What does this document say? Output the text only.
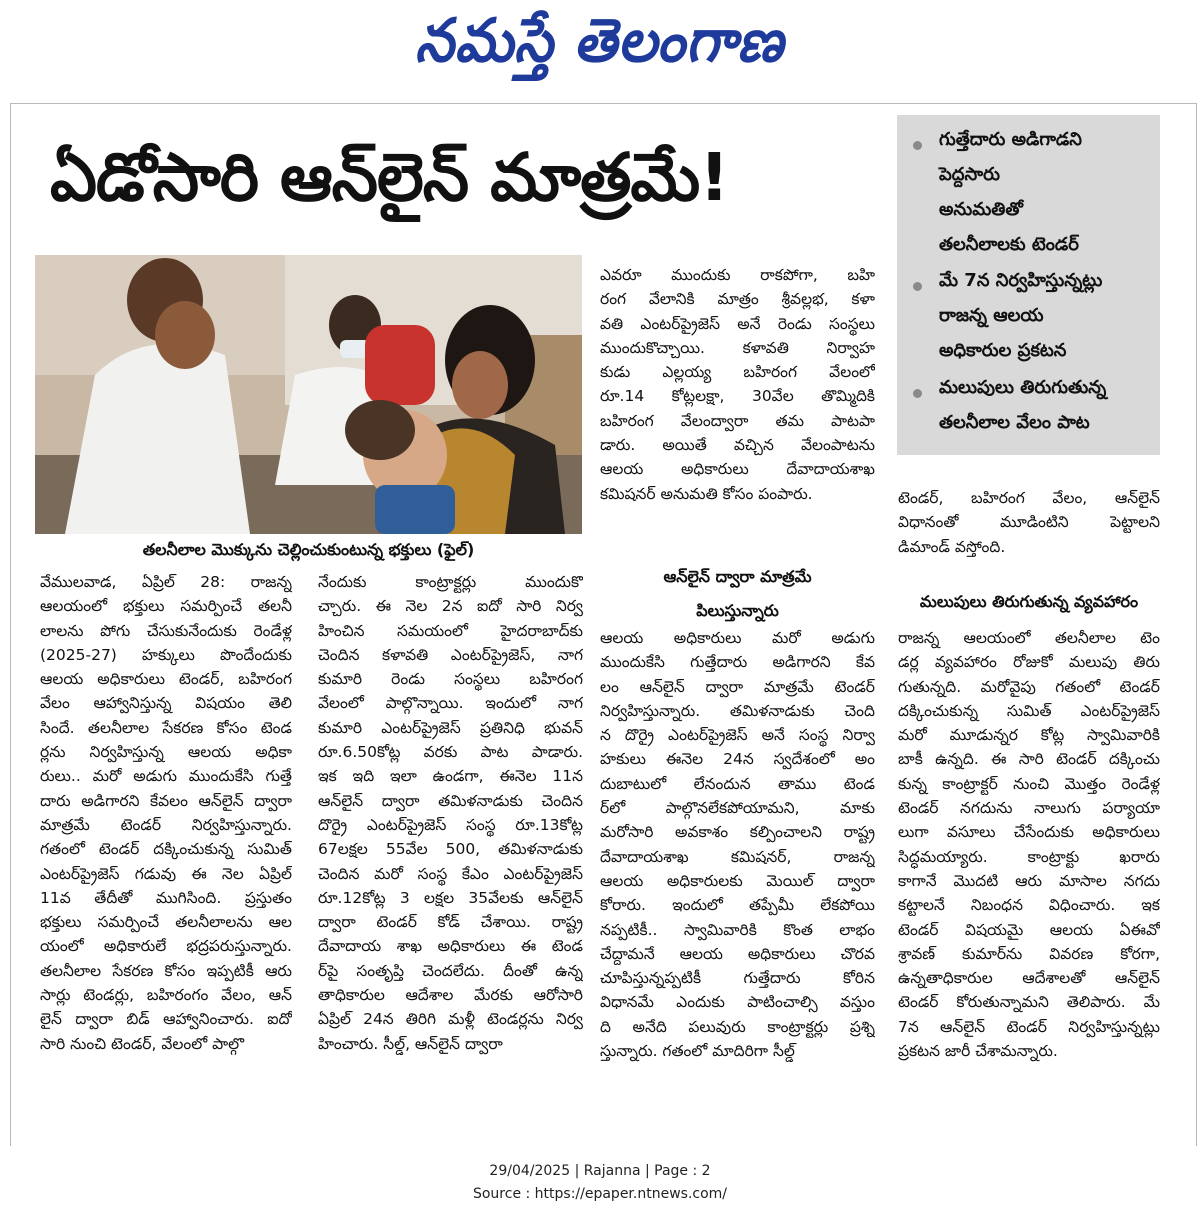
నమస్తే తెలంగాణ
ఏడోసారి ఆన్‌లైన్ మాత్రమే!	గుత్తేదారు అడిగాడని
పెద్దసారు
అనుమతితో
తలనీలాలకు టెండర్
మే 7న నిర్వహిస్తున్నట్లు
రాజన్న ఆలయ
అధికారుల ప్రకటన
మలుపులు తిరుగుతున్న
తలనీలాల వేలం పాట
తలనీలాల మొక్కును చెల్లించుకుంటున్న భక్తులు (ఫైల్)
వేములవాడ, ఏప్రిల్ 28: రాజన్న
ఆలయంలో భక్తులు సమర్పించే తలనీ
లాలను పోగు చేసుకునేందుకు రెండేళ్ల
(2025-27) హక్కులు పొందేందుకు
ఆలయ అధికారులు టెండర్, బహిరంగ
వేలం ఆహ్వానిస్తున్న విషయం తెలి
సిందే. తలనీలాల సేకరణ కోసం టెండ
ర్లను నిర్వహిస్తున్న ఆలయ అధికా
రులు.. మరో అడుగు ముందుకేసి గుత్తే
దారు అడిగారని కేవలం ఆన్‌లైన్ ద్వారా
మాత్రమే టెండర్ నిర్వహిస్తున్నారు.
గతంలో టెండర్ దక్కించుకున్న సుమిత్
ఎంటర్‌ప్రైజెస్ గడువు ఈ నెల ఏప్రిల్
11వ తేదీతో ముగిసింది. ప్రస్తుతం
భక్తులు సమర్పించే తలనీలాలను ఆల
యంలో అధికారులే భద్రపరుస్తున్నారు.
తలనీలాల సేకరణ కోసం ఇప్పటికీ ఆరు
సార్లు టెండర్లు, బహిరంగం వేలం, ఆన్
లైన్ ద్వారా బిడ్ ఆహ్వానించారు. ఐదో
సారి నుంచి టెండర్, వేలంలో పాల్గొ
నేందుకు కాంట్రాక్టర్లు ముందుకొ
చ్చారు. ఈ నెల 2న ఐదో సారి నిర్వ
హించిన సమయంలో హైదరాబాద్‌కు
చెందిన కళావతి ఎంటర్‌ప్రైజెస్, నాగ
కుమారి రెండు సంస్థలు బహిరంగ
వేలంలో పాల్గొన్నాయి. ఇందులో నాగ
కుమారి ఎంటర్‌ప్రైజెస్ ప్రతినిధి భువన్
రూ.6.50కోట్ల వరకు పాట పాడారు.
ఇక ఇది ఇలా ఉండగా, ఈనెల 11న
ఆన్‌లైన్ ద్వారా తమిళనాడుకు చెందిన
దొర్రై ఎంటర్‌ప్రైజెస్ సంస్థ రూ.13కోట్ల
67లక్షల 55వేల 500, తమిళనాడుకు
చెందిన మరో సంస్థ కేఎం ఎంటర్‌ప్రైజెస్
రూ.12కోట్ల 3 లక్షల 35వేలకు ఆన్‌లైన్
ద్వారా టెండర్ కోడ్ చేశాయి. రాష్ట్ర
దేవాదాయ శాఖ అధికారులు ఈ టెండ
ర్‌పై సంతృప్తి చెందలేదు. దీంతో ఉన్న
తాధికారుల ఆదేశాల మేరకు ఆరోసారి
ఏప్రిల్ 24న తిరిగి మళ్లీ టెండర్లను నిర్వ
హించారు. సీల్డ్, ఆన్‌లైన్ ద్వారా
ఎవరూ ముందుకు రాకపోగా, బహి
రంగ వేలానికి మాత్రం శ్రీవల్లభ, కళా
వతి ఎంటర్‌ప్రైజెస్ అనే రెండు సంస్థలు
ముందుకొచ్చాయి. కళావతి నిర్వాహ
కుడు ఎల్లయ్య బహిరంగ వేలంలో
రూ.14 కోట్లలక్షా, 30వేల తొమ్మిదికి
బహిరంగ వేలంద్వారా తమ పాటపా
డారు. అయితే వచ్చిన వేలంపాటను
ఆలయ అధికారులు దేవాదాయశాఖ
కమిషనర్ అనుమతి కోసం పంపారు.
ఆన్‌లైన్ ద్వారా మాత్రమే
పిలుస్తున్నారు
ఆలయ అధికారులు మరో అడుగు
ముందుకేసి గుత్తేదారు అడిగారని కేవ
లం ఆన్‌లైన్ ద్వారా మాత్రమే టెండర్
నిర్వహిస్తున్నారు. తమిళనాడుకు చెంది
న దొర్రై ఎంటర్‌ప్రైజెస్ అనే సంస్థ నిర్వా
హకులు ఈనెల 24న స్వదేశంలో అం
దుబాటులో లేనందున తాము టెండ
ర్‌లో పాల్గొనలేకపోయామని, మాకు
మరోసారి అవకాశం కల్పించాలని రాష్ట్ర
దేవాదాయశాఖ కమిషనర్, రాజన్న
ఆలయ అధికారులకు మెయిల్ ద్వారా
కోరారు. ఇందులో తప్పేమీ లేకపోయి
నప్పటికీ.. స్వామివారికి కొంత లాభం
చేద్దామనే ఆలయ అధికారులు చొరవ
చూపిస్తున్నప్పటికీ గుత్తేదారు కోరిన
విధానమే ఎందుకు పాటించాల్సి వస్తుం
ది అనేది పలువురు కాంట్రాక్టర్లు ప్రశ్ని
స్తున్నారు. గతంలో మాదిరిగా సీల్డ్
టెండర్, బహిరంగ వేలం, ఆన్‌లైన్
విధానంతో మూడింటిని పెట్టాలని
డిమాండ్ వస్తోంది.
మలుపులు తిరుగుతున్న వ్యవహారం
రాజన్న ఆలయంలో తలనీలాల టెం
డర్ల వ్యవహారం రోజుకో మలుపు తిరు
గుతున్నది. మరోవైపు గతంలో టెండర్
దక్కించుకున్న సుమిత్ ఎంటర్‌ప్రైజెస్
మరో మూడున్నర కోట్ల స్వామివారికి
బాకీ ఉన్నది. ఈ సారి టెండర్ దక్కించు
కున్న కాంట్రాక్టర్ నుంచి మొత్తం రెండేళ్ల
టెండర్ నగదును నాలుగు పర్యాయా
లుగా వసూలు చేసేందుకు అధికారులు
సిద్ధమయ్యారు. కాంట్రాక్టు ఖరారు
కాగానే మొదటి ఆరు మాసాల నగదు
కట్టాలనే నిబంధన విధించారు. ఇక
టెండర్ విషయమై ఆలయ ఏఈవో
శ్రావణ్ కుమార్‌ను వివరణ కోరగా,
ఉన్నతాధికారుల ఆదేశాలతో ఆన్‌లైన్
టెండర్ కోరుతున్నామని తెలిపారు. మే
7న ఆన్‌లైన్ టెండర్ నిర్వహిస్తున్నట్లు
ప్రకటన జారీ చేశామన్నారు.
29/04/2025 | Rajanna | Page : 2
Source : https://epaper.ntnews.com/
